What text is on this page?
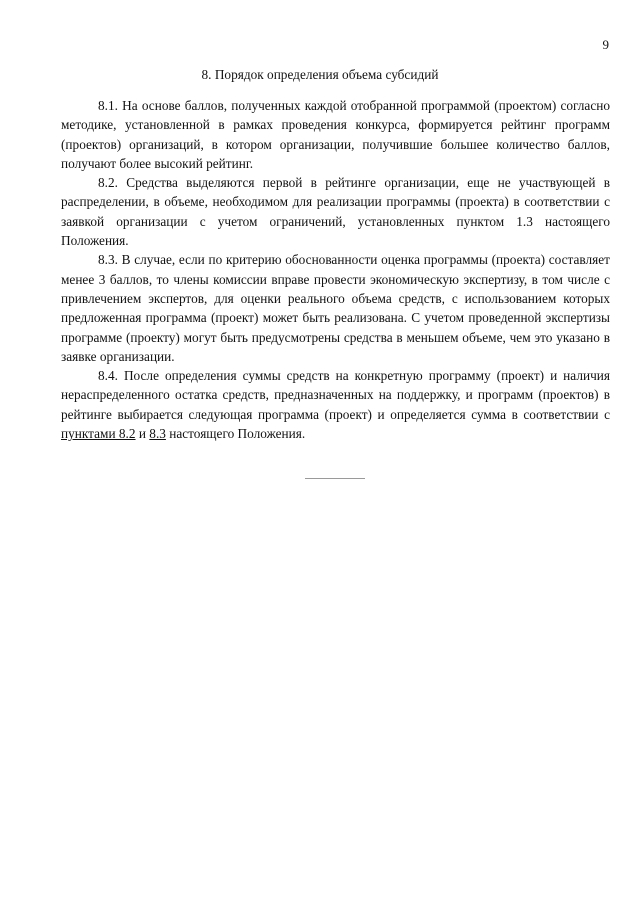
9
8. Порядок определения объема субсидий

8.1. На основе баллов, полученных каждой отобранной программой (проектом) согласно методике, установленной в рамках проведения конкурса, формируется рейтинг программ (проектов) организаций, в котором организации, получившие большее количество баллов, получают более высокий рейтинг.

8.2. Средства выделяются первой в рейтинге организации, еще не участвующей в распределении, в объеме, необходимом для реализации программы (проекта) в соответствии с заявкой организации с учетом ограничений, установленных пунктом 1.3 настоящего Положения.

8.3. В случае, если по критерию обоснованности оценка программы (проекта) составляет менее 3 баллов, то члены комиссии вправе провести экономическую экспертизу, в том числе с привлечением экспертов, для оценки реального объема средств, с использованием которых предложенная программа (проект) может быть реализована. С учетом проведенной экспертизы программе (проекту) могут быть предусмотрены средства в меньшем объеме, чем это указано в заявке организации.

8.4. После определения суммы средств на конкретную программу (проект) и наличия нераспределенного остатка средств, предназначенных на поддержку, и программ (проектов) в рейтинге выбирается следующая программа (проект) и определяется сумма в соответствии с пунктами 8.2 и 8.3 настоящего Положения.
